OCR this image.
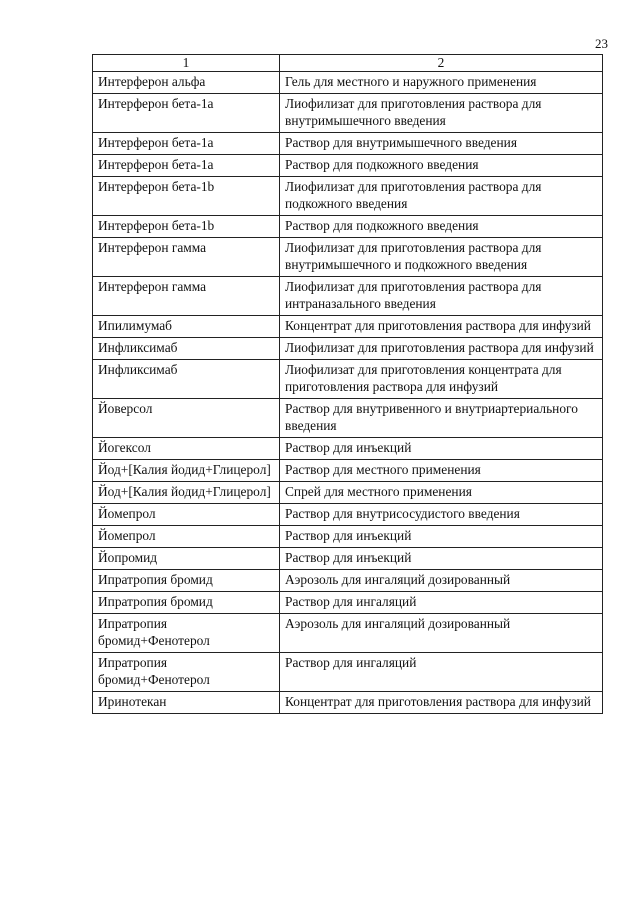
23
1	2
Интерферон альфа	Гель для местного и наружного применения
Интерферон бета-1а	Лиофилизат для приготовления раствора для внутримышечного введения
Интерферон бета-1а	Раствор для внутримышечного введения
Интерферон бета-1а	Раствор для подкожного введения
Интерферон бета-1b	Лиофилизат для приготовления раствора для подкожного введения
Интерферон бета-1b	Раствор для подкожного введения
Интерферон гамма	Лиофилизат для приготовления раствора для внутримышечного и подкожного введения
Интерферон гамма	Лиофилизат для приготовления раствора для интраназального введения
Ипилимумаб	Концентрат для приготовления раствора для инфузий
Инфликсимаб	Лиофилизат для приготовления раствора для инфузий
Инфликсимаб	Лиофилизат для приготовления концентрата для приготовления раствора для инфузий
Йоверсол	Раствор для внутривенного и внутриартериального введения
Йогексол	Раствор для инъекций
Йод+[Калия йодид+Глицерол]	Раствор для местного применения
Йод+[Калия йодид+Глицерол]	Спрей для местного применения
Йомепрол	Раствор для внутрисосудистого введения
Йомепрол	Раствор для инъекций
Йопромид	Раствор для инъекций
Ипратропия бромид	Аэрозоль для ингаляций дозированный
Ипратропия бромид	Раствор для ингаляций
Ипратропия бромид+Фенотерол	Аэрозоль для ингаляций дозированный
Ипратропия бромид+Фенотерол	Раствор для ингаляций
Иринотекан	Концентрат для приготовления раствора для инфузий
